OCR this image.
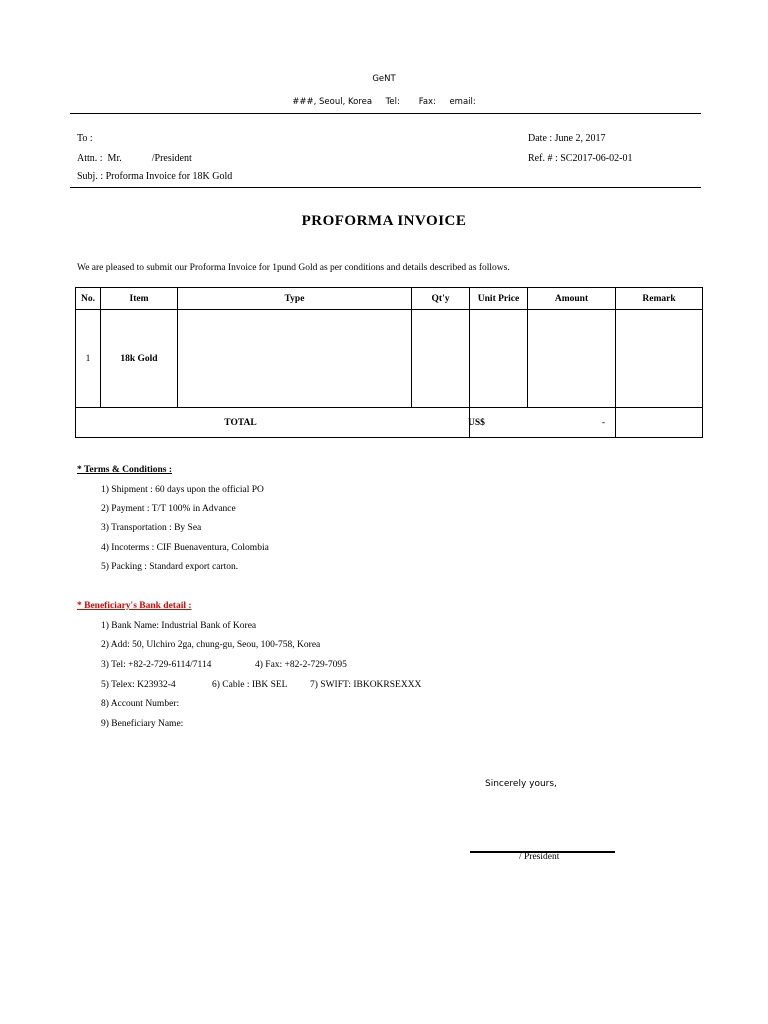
GeNT
###, Seoul, Korea     Tel:       Fax:     email:
To :
Attn. :  Mr.            /President
Subj. : Proforma Invoice for 18K Gold
Date : June 2, 2017
Ref. # : SC2017-06-02-01
PROFORMA INVOICE
We are pleased to submit our Proforma Invoice for 1pund Gold as per conditions and details described as follows.
No.	Item	Type	Qt'y	Unit Price	Amount	Remark
1	18k Gold					
TOTAL				US$ -		

* Terms & Conditions :
1) Shipment : 60 days upon the official PO
2) Payment : T/T 100% in Advance
3) Transportation : By Sea
4) Incoterms : CIF Buenaventura, Colombia
5) Packing : Standard export carton.
* Beneficiary's Bank detail :
1) Bank Name: Industrial Bank of Korea
2) Add: 50, Ulchiro 2ga, chung-gu, Seou, 100-758, Korea
3) Tel: +82-2-729-6114/7114	4) Fax: +82-2-729-7095
5) Telex: K23932-4	6) Cable : IBK SEL 7) SWIFT: IBKOKRSEXXX
8) Account Number:
9) Beneficiary Name:
Sincerely yours,
/ President
